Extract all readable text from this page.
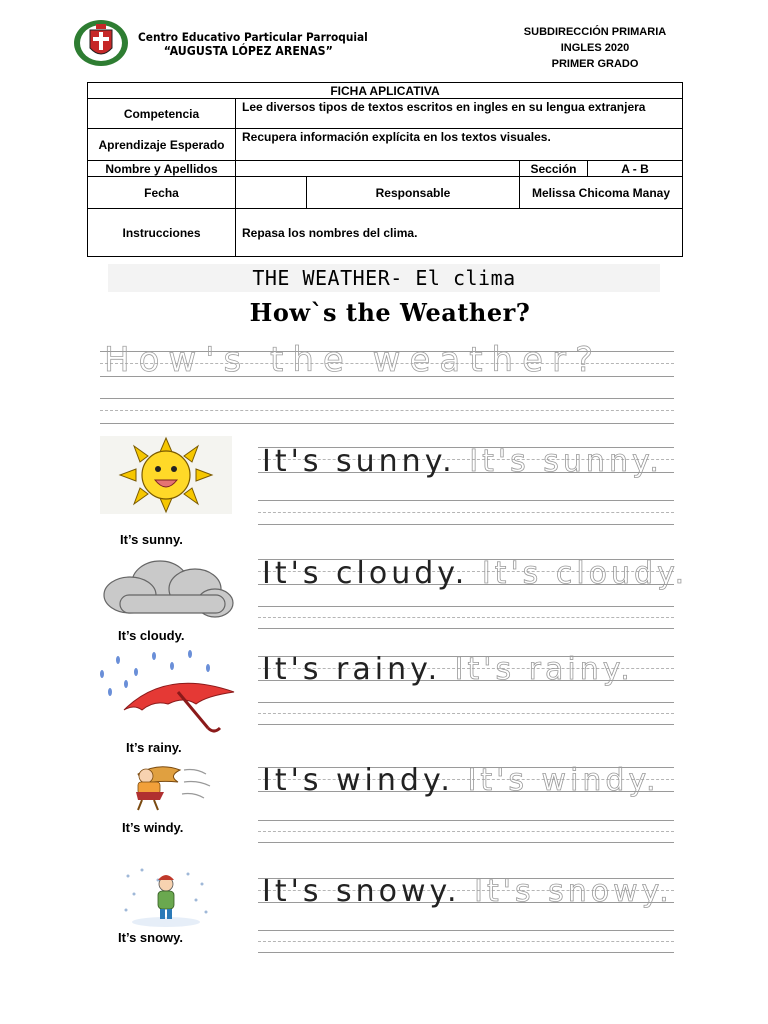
Centro Educativo Particular Parroquial
“AUGUSTA LÓPEZ ARENAS”
SUBDIRECCIÓN PRIMARIA
INGLES 2020
PRIMER GRADO
FICHA APLICATIVA				
Competencia	Lee diversos tipos de textos escritos en ingles en su lengua extranjera			
Aprendizaje Esperado	Recupera información explícita en los textos visuales.			
Nombre y Apellidos			Sección	A - B
Fecha		Responsable	Melissa Chicoma Manay	
Instrucciones	Repasa los nombres del clima.			
THE WEATHER- El clima
How`s the Weather?
How's the weather?
It’s sunny.
It's sunny. It's sunny.
It’s cloudy.
It's cloudy. It's cloudy.
It’s rainy.
It's rainy. It's rainy.
It’s windy.
It's windy. It's windy.
It’s snowy.
It's snowy. It's snowy.
